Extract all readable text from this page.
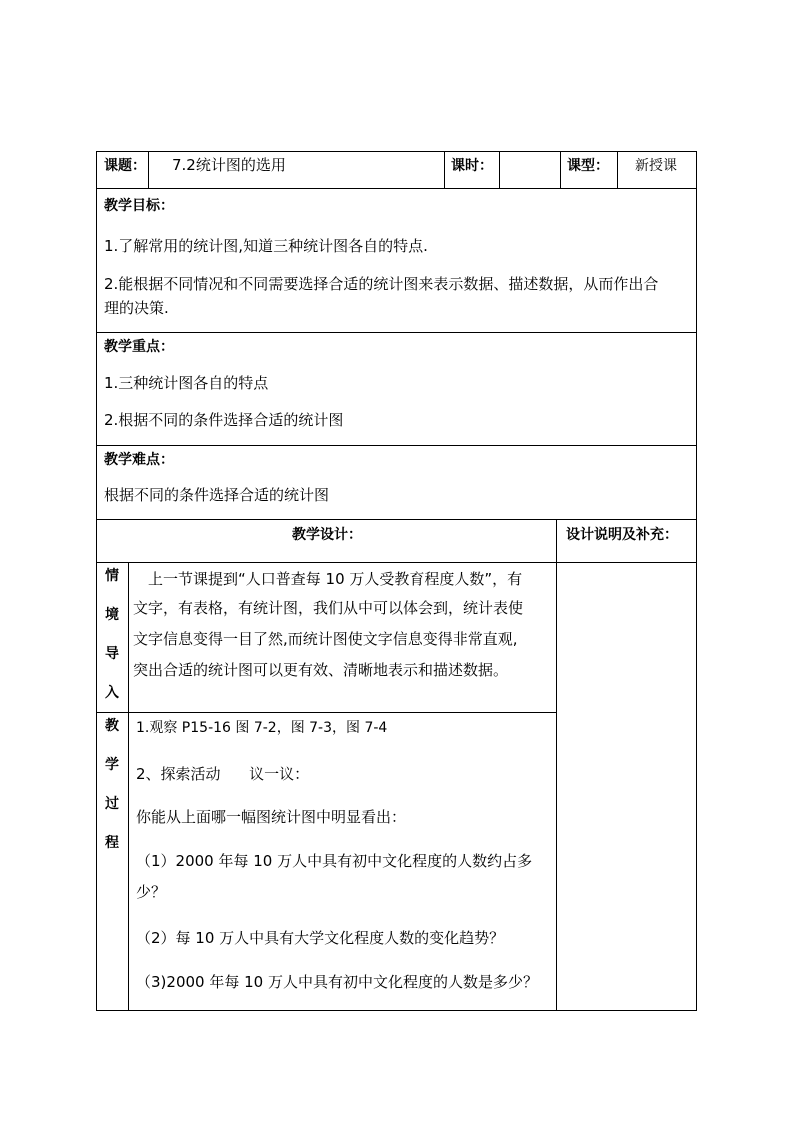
课题： 7.2统计图的选用	课时：	课型： 新授课
教学目标：
1.了解常用的统计图,知道三种统计图各自的特点.
2.能根据不同情况和不同需要选择合适的统计图来表示数据、描述数据，从而作出合
理的决策.
教学重点：
1.三种统计图各自的特点
2.根据不同的条件选择合适的统计图
教学难点：
根据不同的条件选择合适的统计图
教学设计：	设计说明及补充：
情
境
导
入
上一节课提到“人口普查每 10 万人受教育程度人数”，有
文字，有表格，有统计图，我们从中可以体会到，统计表使
文字信息变得一目了然,而统计图使文字信息变得非常直观,
突出合适的统计图可以更有效、清晰地表示和描述数据。
教
学
过
程
1.观察 P15-16 图 7-2，图 7-3，图 7-4
2、探索活动      议一议：
你能从上面哪一幅图统计图中明显看出：
（1）2000 年每 10 万人中具有初中文化程度的人数约占多
少？
（2）每 10 万人中具有大学文化程度人数的变化趋势？
（3)2000 年每 10 万人中具有初中文化程度的人数是多少？
